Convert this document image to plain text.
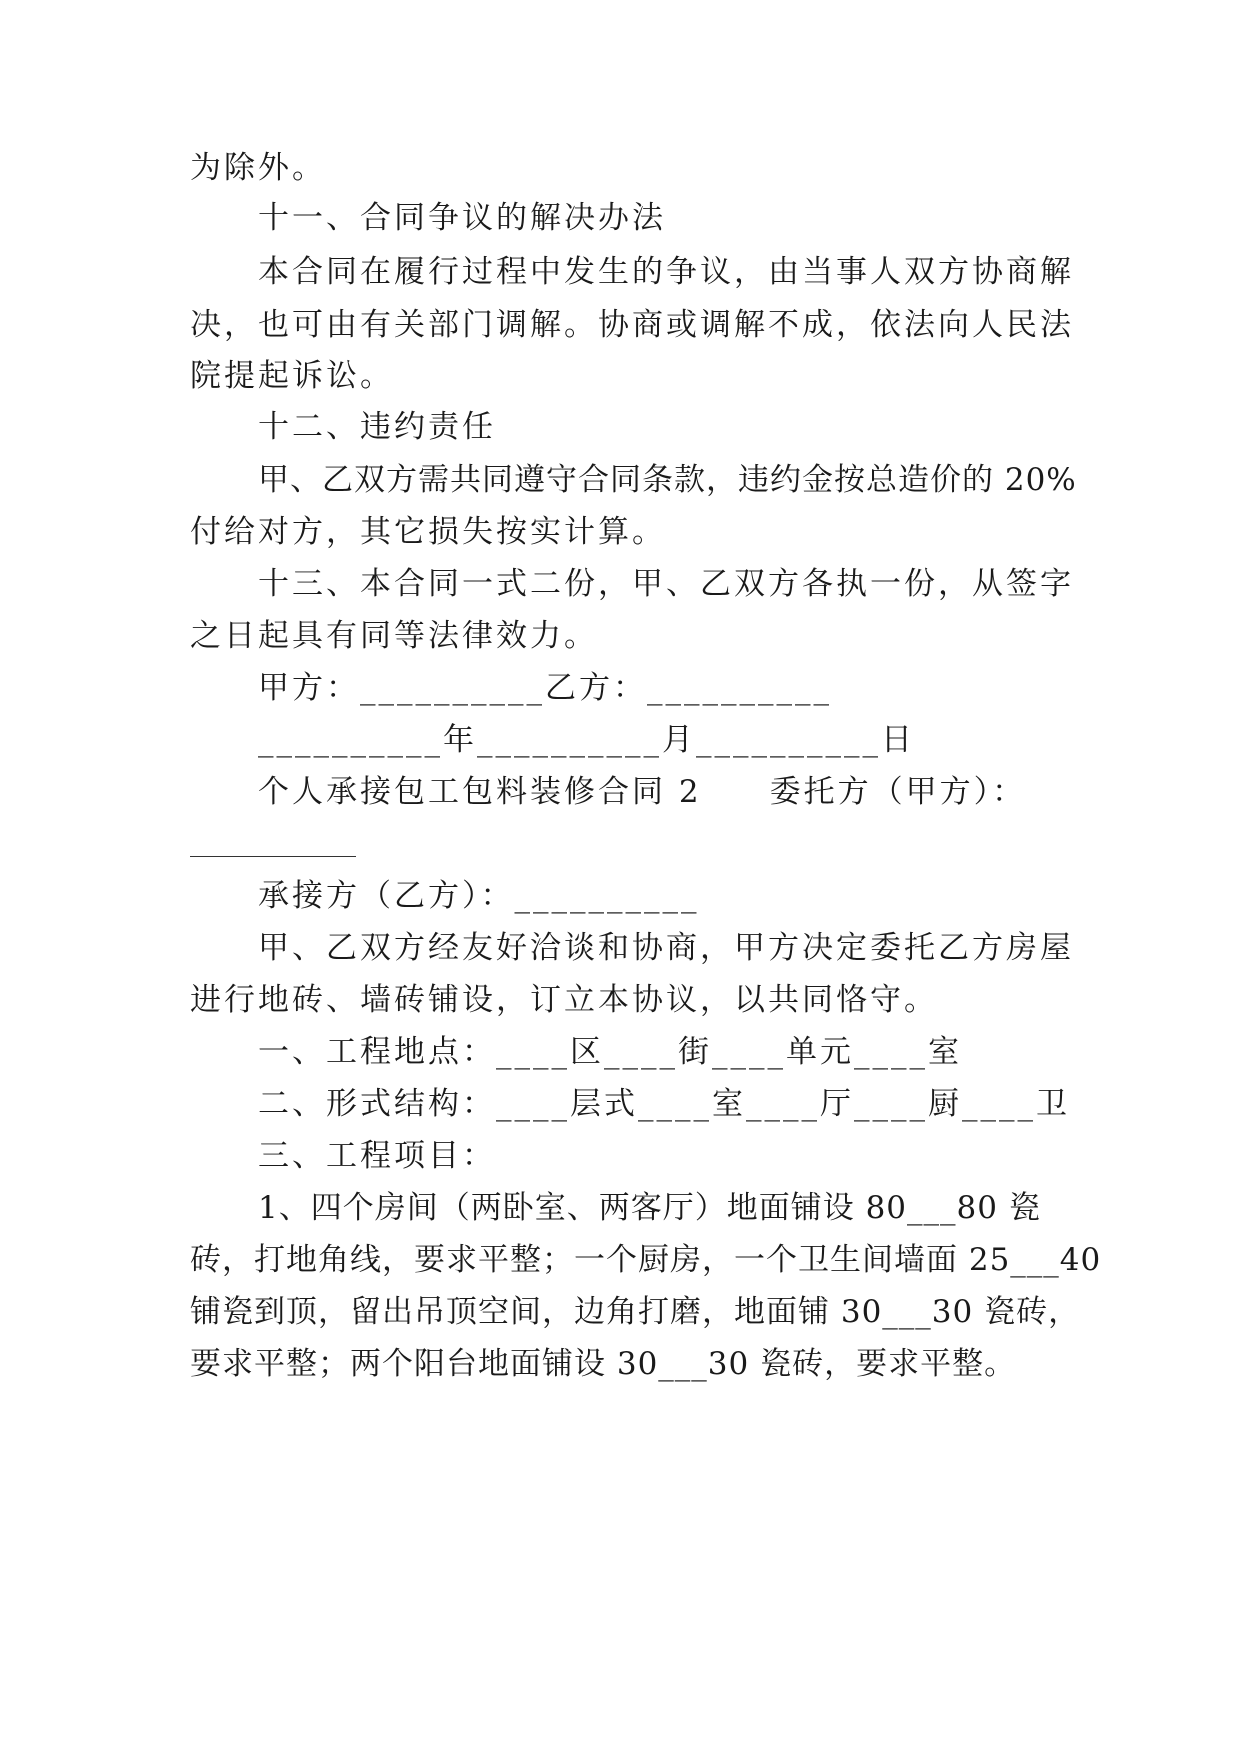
为除外。

十一、合同争议的解决办法

本合同在履行过程中发生的争议，由当事人双方协商解

决，也可由有关部门调解。协商或调解不成，依法向人民法

院提起诉讼。

十二、违约责任

甲、乙双方需共同遵守合同条款，违约金按总造价的 20%

付给对方，其它损失按实计算。

十三、本合同一式二份，甲、乙双方各执一份，从签字

之日起具有同等法律效力。

甲方：__________乙方：__________

__________年__________月__________日

个人承接包工包料装修合同 2　　委托方（甲方）：

承接方（乙方）：__________

甲、乙双方经友好洽谈和协商，甲方决定委托乙方房屋

进行地砖、墙砖铺设，订立本协议，以共同恪守。

一、工程地点：____区____街____单元____室

二、形式结构：____层式____室____厅____厨____卫

三、工程项目：

1、四个房间（两卧室、两客厅）地面铺设 80___80 瓷

砖，打地角线，要求平整；一个厨房，一个卫生间墙面 25___40

铺瓷到顶，留出吊顶空间，边角打磨，地面铺 30___30 瓷砖，

要求平整；两个阳台地面铺设 30___30 瓷砖，要求平整。
